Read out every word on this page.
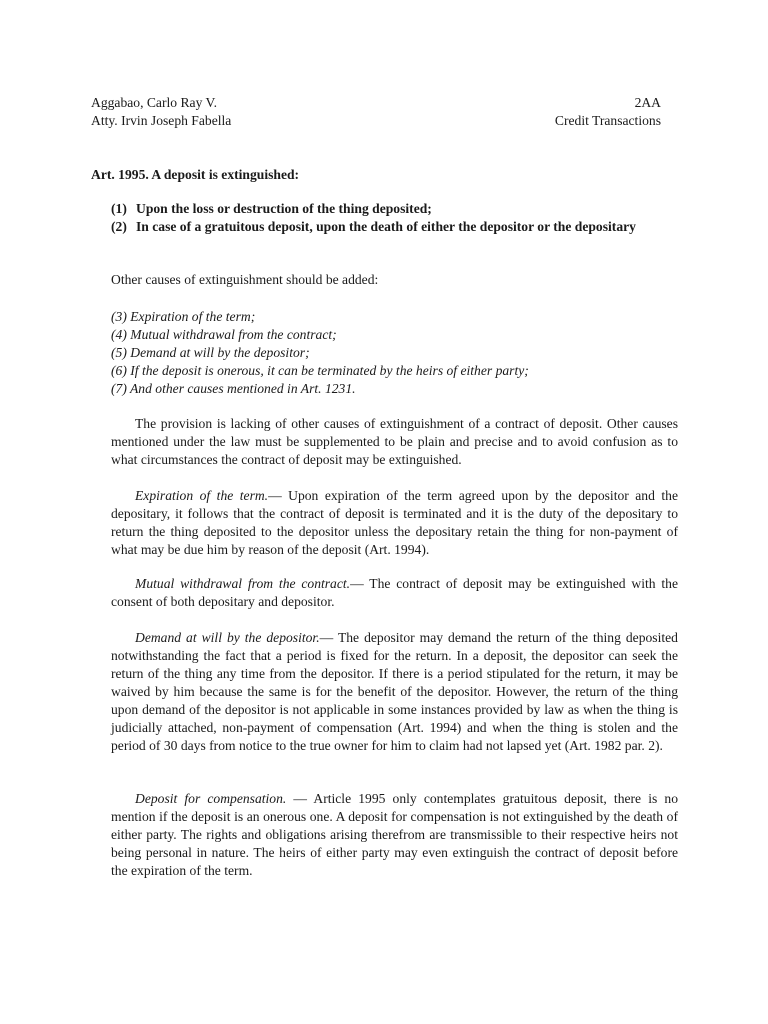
Aggabao, Carlo Ray V.	2AA
Atty. Irvin Joseph Fabella	Credit Transactions
Art. 1995. A deposit is extinguished:
(1) Upon the loss or destruction of the thing deposited;
(2) In case of a gratuitous deposit, upon the death of either the depositor or the depositary
Other causes of extinguishment should be added:
(3) Expiration of the term;
(4) Mutual withdrawal from the contract;
(5) Demand at will by the depositor;
(6) If the deposit is onerous, it can be terminated by the heirs of either party;
(7) And other causes mentioned in Art. 1231.

The provision is lacking of other causes of extinguishment of a contract of deposit. Other causes mentioned under the law must be supplemented to be plain and precise and to avoid confusion as to what circumstances the contract of deposit may be extinguished.

Expiration of the term.— Upon expiration of the term agreed upon by the depositor and the depositary, it follows that the contract of deposit is terminated and it is the duty of the depositary to return the thing deposited to the depositor unless the depositary retain the thing for non-payment of what may be due him by reason of the deposit (Art. 1994).

Mutual withdrawal from the contract.— The contract of deposit may be extinguished with the consent of both depositary and depositor.

Demand at will by the depositor.— The depositor may demand the return of the thing deposited notwithstanding the fact that a period is fixed for the return. In a deposit, the depositor can seek the return of the thing any time from the depositor. If there is a period stipulated for the return, it may be waived by him because the same is for the benefit of the depositor. However, the return of the thing upon demand of the depositor is not applicable in some instances provided by law as when the thing is judicially attached, non-payment of compensation (Art. 1994) and when the thing is stolen and the period of 30 days from notice to the true owner for him to claim had not lapsed yet (Art. 1982 par. 2).

Deposit for compensation. — Article 1995 only contemplates gratuitous deposit, there is no mention if the deposit is an onerous one. A deposit for compensation is not extinguished by the death of either party. The rights and obligations arising therefrom are transmissible to their respective heirs not being personal in nature. The heirs of either party may even extinguish the contract of deposit before the expiration of the term.
